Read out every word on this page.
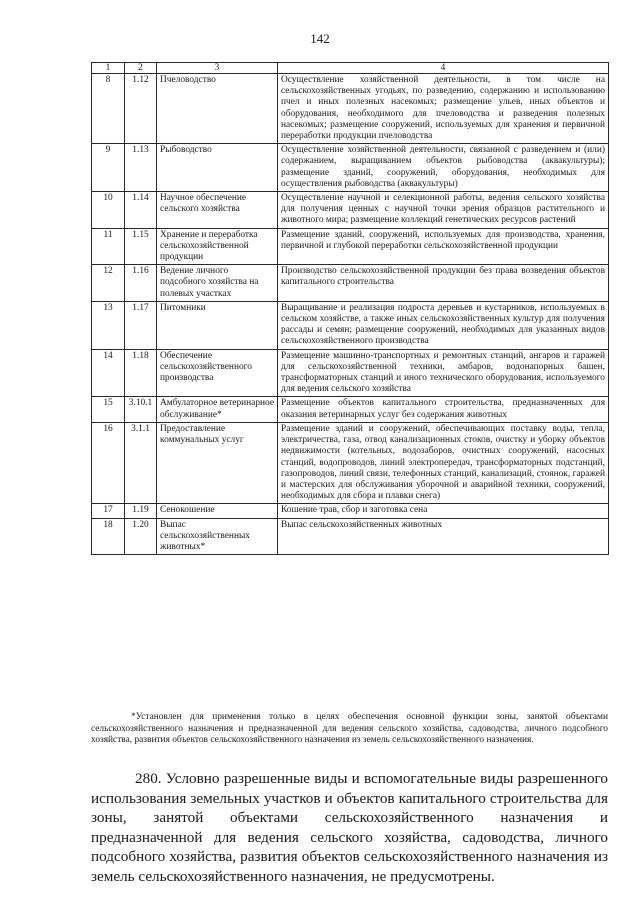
142
1	2	3	4
8	1.12	Пчеловодство	Осуществление хозяйственной деятельности, в том числе на сельскохозяйственных угодьях, по разведению, содержанию и использованию пчел и иных полезных насекомых; размещение ульев, иных объектов и оборудования, необходимого для пчеловодства и разведения полезных насекомых; размещение сооружений, используемых для хранения и первичной переработки продукции пчеловодства
9	1.13	Рыбоводство	Осуществление хозяйственной деятельности, связанной с разведением и (или) содержанием, выращиванием объектов рыбоводства (аквакультуры); размещение зданий, сооружений, оборудования, необходимых для осуществления рыбоводства (аквакультуры)
10	1.14	Научное обеспечение сельского хозяйства	Осуществление научной и селекционной работы, ведения сельского хозяйства для получения ценных с научной точки зрения образцов растительного и животного мира; размещение коллекций генетических ресурсов растений
11	1.15	Хранение и переработка сельскохозяйственной продукции	Размещение зданий, сооружений, используемых для производства, хранения, первичной и глубокой переработки сельскохозяйственной продукции
12	1.16	Ведение личного подсобного хозяйства на полевых участках	Производство сельскохозяйственной продукции без права возведения объектов капитального строительства
13	1.17	Питомники	Выращивание и реализация подроста деревьев и кустарников, используемых в сельском хозяйстве, а также иных сельскохозяйственных культур для получения рассады и семян; размещение сооружений, необходимых для указанных видов сельскохозяйственного производства
14	1.18	Обеспечение сельскохозяйственного производства	Размещение машинно-транспортных и ремонтных станций, ангаров и гаражей для сельскохозяйственной техники, амбаров, водонапорных башен, трансформаторных станций и иного технического оборудования, используемого для ведения сельского хозяйства
15	3.10.1	Амбулаторное ветеринарное обслуживание*	Размещение объектов капитального строительства, предназначенных для оказания ветеринарных услуг без содержания животных
16	3.1.1	Предоставление коммунальных услуг	Размещение зданий и сооружений, обеспечивающих поставку воды, тепла, электричества, газа, отвод канализационных стоков, очистку и уборку объектов недвижимости (котельных, водозаборов, очистных сооружений, насосных станций, водопроводов, линий электропередач, трансформаторных подстанций, газопроводов, линий связи, телефонных станций, канализаций, стоянок, гаражей и мастерских для обслуживания уборочной и аварийной техники, сооружений, необходимых для сбора и плавки снега)
17	1.19	Сенокошение	Кошение трав, сбор и заготовка сена
18	1.20	Выпас сельскохозяйственных животных*	Выпас сельскохозяйственных животных
*Установлен для применения только в целях обеспечения основной функции зоны, занятой объектами сельскохозяйственного назначения и предназначенной для ведения сельского хозяйства, садоводства, личного подсобного хозяйства, развития объектов сельскохозяйственного назначения из земель сельскохозяйственного назначения.
280. Условно разрешенные виды и вспомогательные виды разрешенного использования земельных участков и объектов капитального строительства для зоны, занятой объектами сельскохозяйственного назначения и предназначенной для ведения сельского хозяйства, садоводства, личного подсобного хозяйства, развития объектов сельскохозяйственного назначения из земель сельскохозяйственного назначения, не предусмотрены.
